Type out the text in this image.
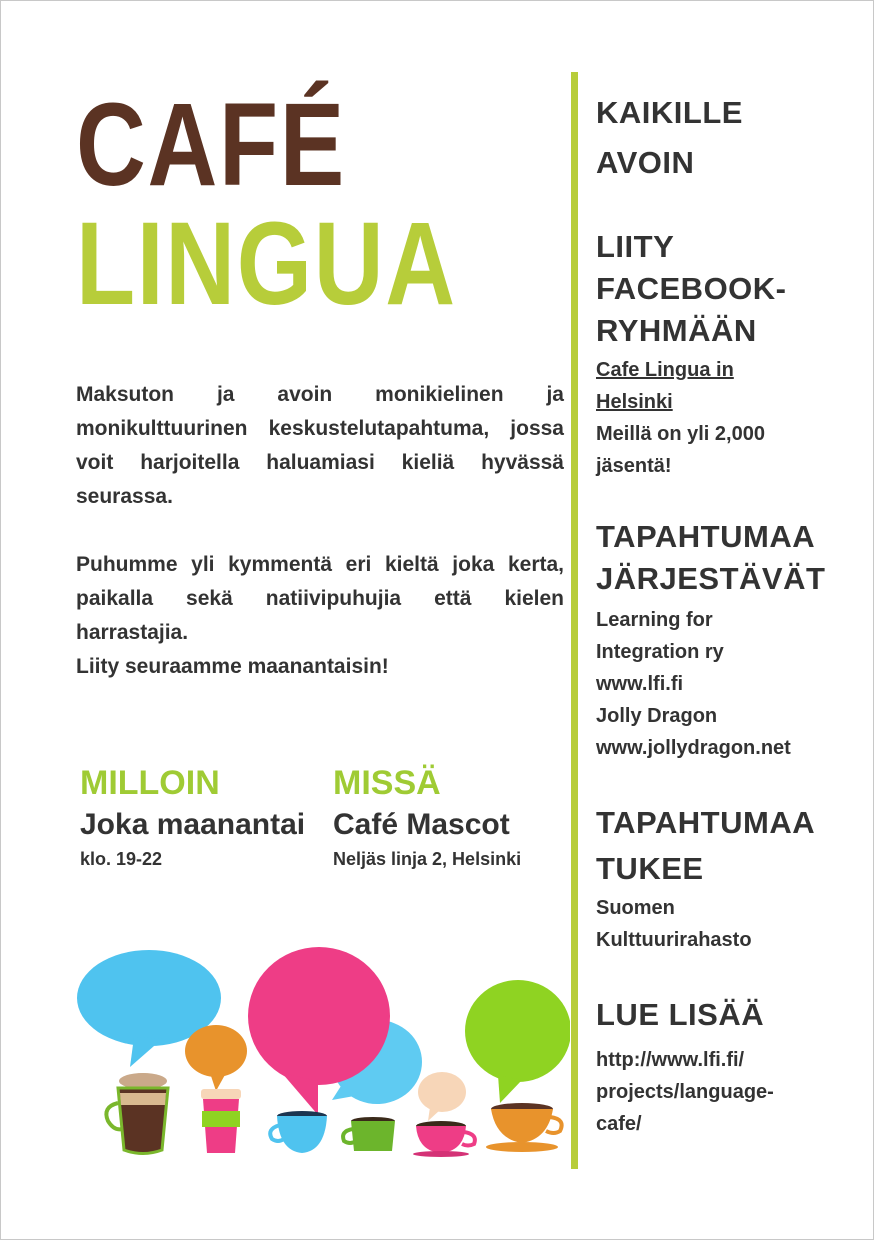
CAFÉ
LINGUA

Maksuton ja avoin monikielinen ja monikulttuurinen keskustelutapahtuma, jossa voit harjoitella haluamiasi kieliä hyvässä seurassa.

Puhumme yli kymmentä eri kieltä joka kerta, paikalla sekä natiivipuhujia että kielen harrastajia.

Liity seuraamme maanantaisin!

MILLOIN
Joka maanantai
klo. 19-22
MISSÄ
Café Mascot
Neljäs linja 2, Helsinki

KAIKILLE
AVOIN

LIITY
FACEBOOK-
RYHMÄÄN

Cafe Lingua in
Helsinki

Meillä on yli 2,000
jäsentä!

TAPAHTUMAA
JÄRJESTÄVÄT

Learning for
Integration ry
www.lfi.fi
Jolly Dragon
www.jollydragon.net

TAPAHTUMAA
TUKEE

Suomen
Kulttuurirahasto

LUE LISÄÄ

http://www.lfi.fi/
projects/language-
cafe/
